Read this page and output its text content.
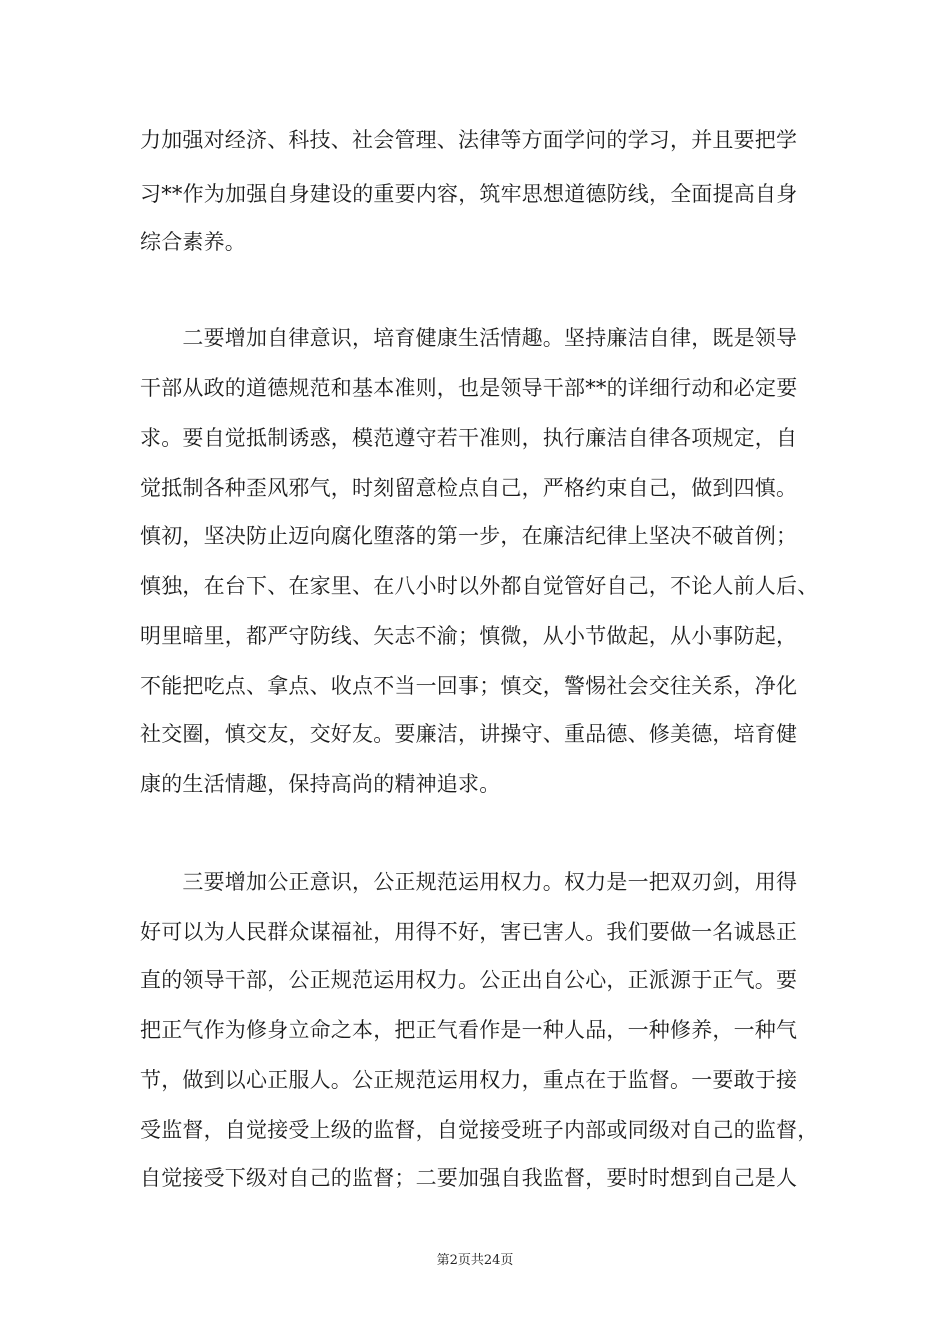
力加强对经济、科技、社会管理、法律等方面学问的学习，并且要把学
习**作为加强自身建设的重要内容，筑牢思想道德防线，全面提高自身
综合素养。
　　二要增加自律意识，培育健康生活情趣。坚持廉洁自律，既是领导
干部从政的道德规范和基本准则，也是领导干部**的详细行动和必定要
求。要自觉抵制诱惑，模范遵守若干准则，执行廉洁自律各项规定，自
觉抵制各种歪风邪气，时刻留意检点自己，严格约束自己，做到四慎。
慎初，坚决防止迈向腐化堕落的第一步，在廉洁纪律上坚决不破首例；
慎独，在台下、在家里、在八小时以外都自觉管好自己，不论人前人后、
明里暗里，都严守防线、矢志不渝；慎微，从小节做起，从小事防起，
不能把吃点、拿点、收点不当一回事；慎交，警惕社会交往关系，净化
社交圈，慎交友，交好友。要廉洁，讲操守、重品德、修美德，培育健
康的生活情趣，保持高尚的精神追求。
　　三要增加公正意识，公正规范运用权力。权力是一把双刃剑，用得
好可以为人民群众谋福祉，用得不好，害已害人。我们要做一名诚恳正
直的领导干部，公正规范运用权力。公正出自公心，正派源于正气。要
把正气作为修身立命之本，把正气看作是一种人品，一种修养，一种气
节，做到以心正服人。公正规范运用权力，重点在于监督。一要敢于接
受监督，自觉接受上级的监督，自觉接受班子内部或同级对自己的监督，
自觉接受下级对自己的监督；二要加强自我监督，要时时想到自己是人
第2页共24页
